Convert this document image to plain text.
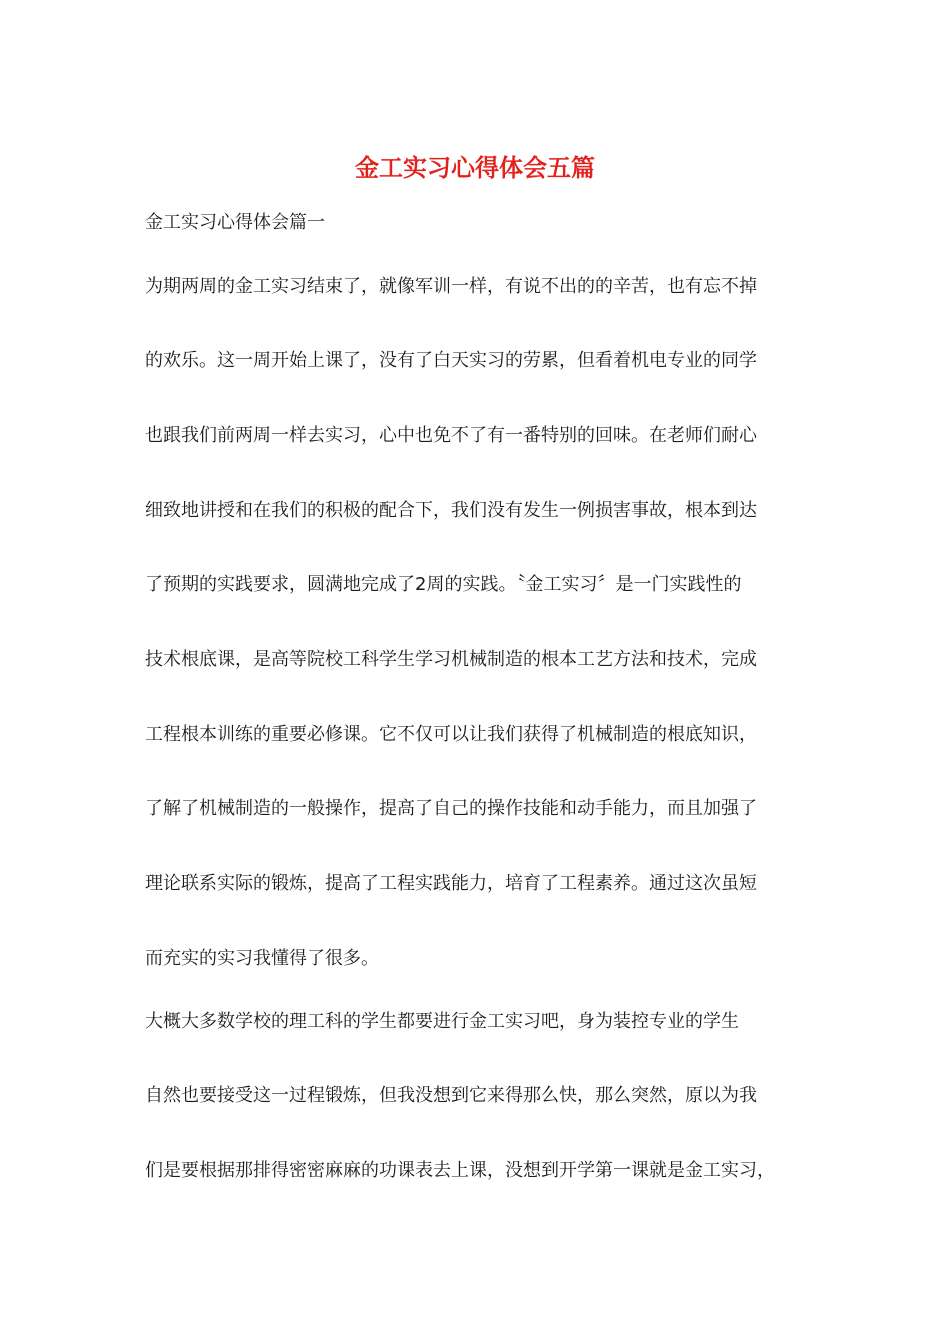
金工实习心得体会五篇
金工实习心得体会篇一
为期两周的金工实习结束了，就像军训一样，有说不出的的辛苦，也有忘不掉
的欢乐。这一周开始上课了，没有了白天实习的劳累，但看着机电专业的同学
也跟我们前两周一样去实习，心中也免不了有一番特别的回味。在老师们耐心
细致地讲授和在我们的积极的配合下，我们没有发生一例损害事故，根本到达
了预期的实践要求，圆满地完成了2周的实践。〝金工实习〞是一门实践性的
技术根底课，是高等院校工科学生学习机械制造的根本工艺方法和技术，完成
工程根本训练的重要必修课。它不仅可以让我们获得了机械制造的根底知识，
了解了机械制造的一般操作，提高了自己的操作技能和动手能力，而且加强了
理论联系实际的锻炼，提高了工程实践能力，培育了工程素养。通过这次虽短
而充实的实习我懂得了很多。
大概大多数学校的理工科的学生都要进行金工实习吧，身为装控专业的学生
自然也要接受这一过程锻炼，但我没想到它来得那么快，那么突然，原以为我
们是要根据那排得密密麻麻的功课表去上课，没想到开学第一课就是金工实习，
